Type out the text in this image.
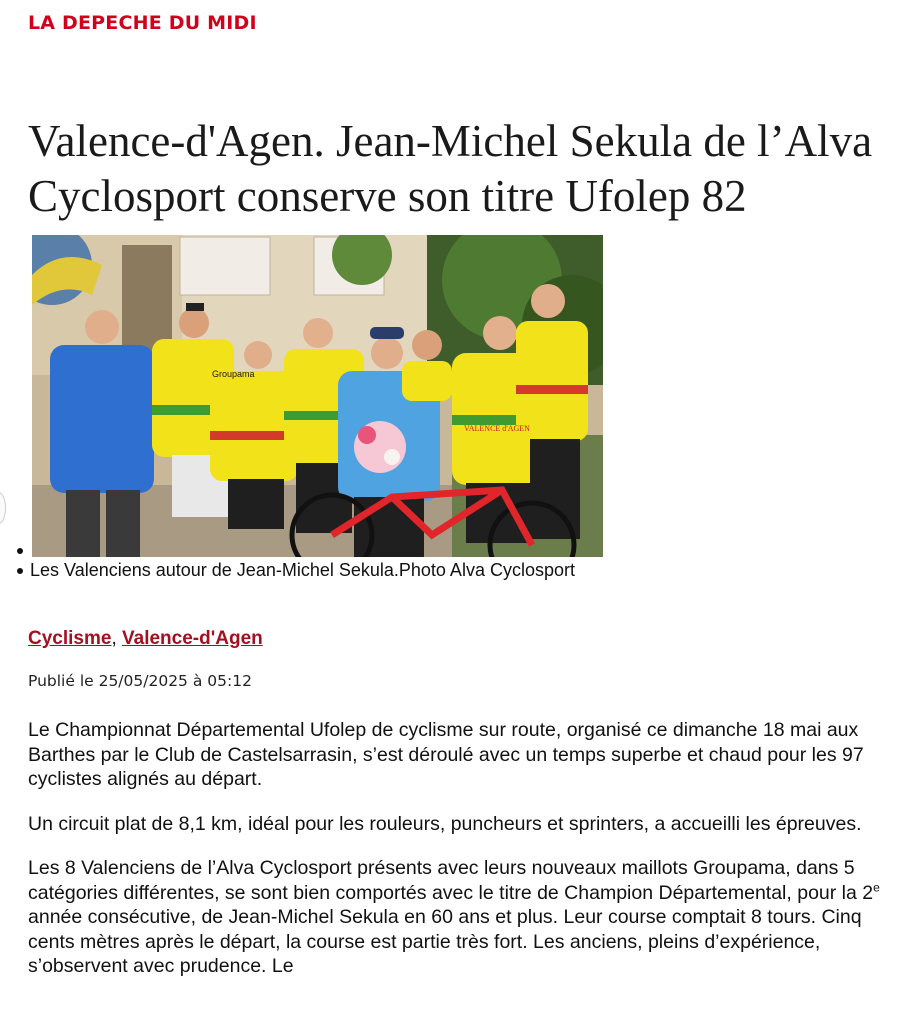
LA DEPECHE DU MIDI
Valence-d'Agen. Jean-Michel Sekula de l’Alva Cyclosport conserve son titre Ufolep 82
Groupama
VALENCE d'AGEN
Les Valenciens autour de Jean-Michel Sekula.Photo Alva Cyclosport
Cyclisme, Valence-d'Agen
Publié le 25/05/2025 à 05:12

Le Championnat Départemental Ufolep de cyclisme sur route, organisé ce dimanche 18 mai aux Barthes par le Club de Castelsarrasin, s’est déroulé avec un temps superbe et chaud pour les 97 cyclistes alignés au départ.

Un circuit plat de 8,1 km, idéal pour les rouleurs, puncheurs et sprinters, a accueilli les épreuves.

Les 8 Valenciens de l’Alva Cyclosport présents avec leurs nouveaux maillots Groupama, dans 5 catégories différentes, se sont bien comportés avec le titre de Champion Départemental, pour la 2e année consécutive, de Jean-Michel Sekula en 60 ans et plus. Leur course comptait 8 tours. Cinq cents mètres après le départ, la course est partie très fort. Les anciens, pleins d’expérience, s’observent avec prudence. Le
